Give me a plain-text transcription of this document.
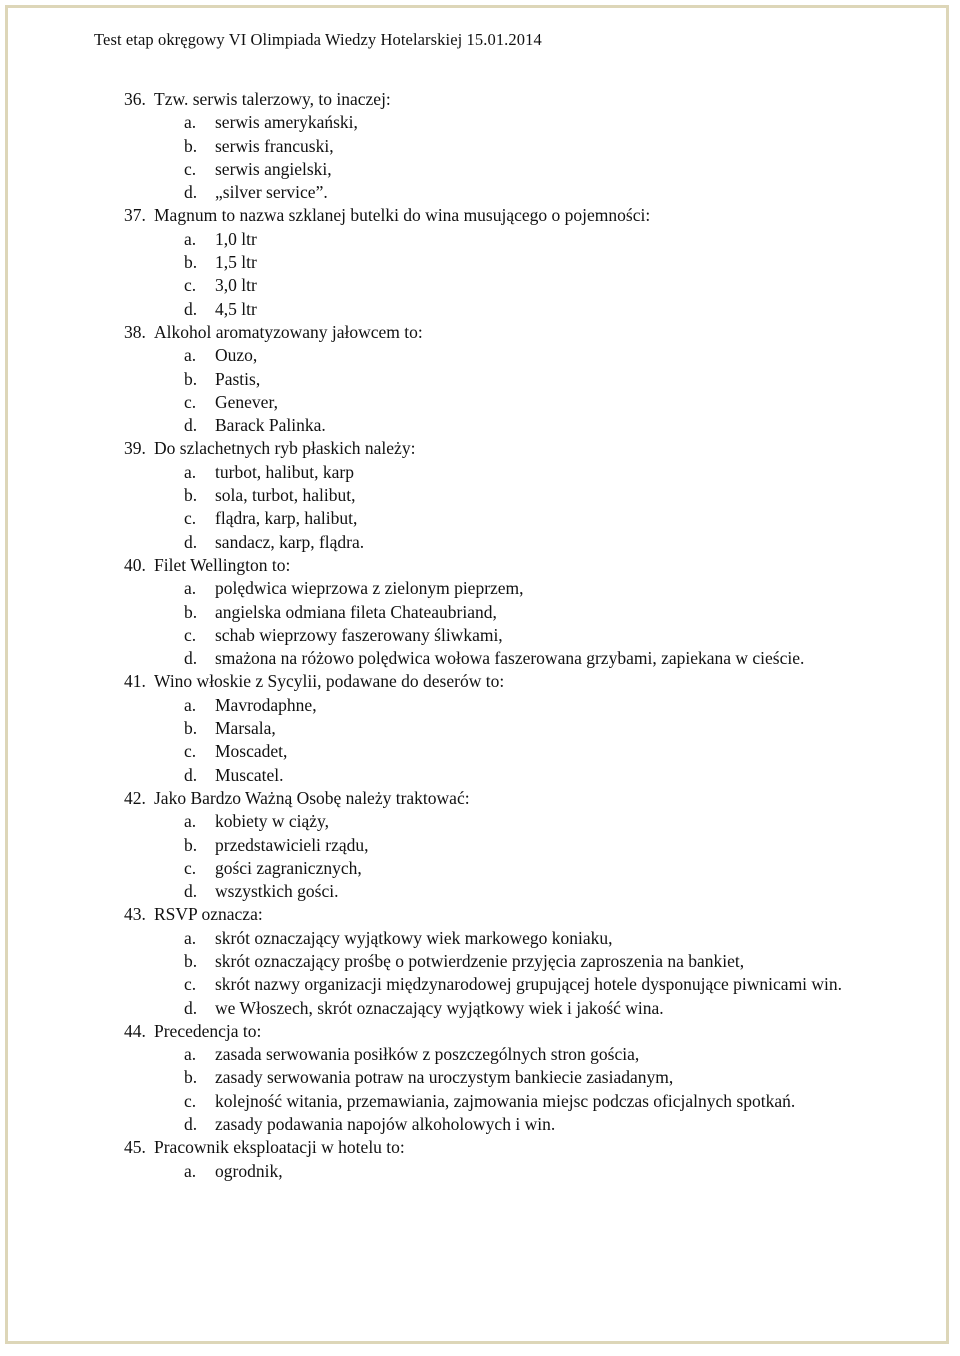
Test etap okręgowy VI Olimpiada Wiedzy Hotelarskiej 15.01.2014
36. Tzw. serwis talerzowy, to inaczej:
a.	serwis amerykański,
b.	serwis francuski,
c.	serwis angielski,
d.	„silver service”.
37. Magnum to nazwa szklanej butelki do wina musującego o pojemności:
a.	1,0 ltr
b.	1,5 ltr
c.	3,0 ltr
d.	4,5 ltr
38. Alkohol aromatyzowany jałowcem to:
a.	Ouzo,
b.	Pastis,
c.	Genever,
d.	Barack Palinka.
39. Do szlachetnych ryb płaskich należy:
a.	turbot, halibut, karp
b.	sola, turbot, halibut,
c.	flądra, karp, halibut,
d.	sandacz, karp, flądra.
40. Filet Wellington to:
a.	polędwica wieprzowa z zielonym pieprzem,
b.	angielska odmiana fileta Chateaubriand,
c.	schab wieprzowy faszerowany śliwkami,
d.	smażona na różowo polędwica wołowa faszerowana grzybami, zapiekana w cieście.
41. Wino włoskie z Sycylii, podawane do deserów to:
a.	Mavrodaphne,
b.	Marsala,
c.	Moscadet,
d.	Muscatel.
42. Jako Bardzo Ważną Osobę należy traktować:
a.	kobiety w ciąży,
b.	przedstawicieli rządu,
c.	gości zagranicznych,
d.	wszystkich gości.
43. RSVP oznacza:
a.	skrót oznaczający wyjątkowy wiek markowego koniaku,
b.	skrót oznaczający prośbę o potwierdzenie przyjęcia zaproszenia na bankiet,
c.	skrót nazwy organizacji międzynarodowej grupującej hotele dysponujące piwnicami win.
d.	we Włoszech, skrót oznaczający wyjątkowy wiek i jakość wina.
44. Precedencja to:
a.	zasada serwowania posiłków z poszczególnych stron gościa,
b.	zasady serwowania potraw na uroczystym bankiecie zasiadanym,
c.	kolejność witania, przemawiania, zajmowania miejsc podczas oficjalnych spotkań.
d.	zasady podawania napojów alkoholowych i win.
45. Pracownik eksploatacji w hotelu to:
a.	ogrodnik,
